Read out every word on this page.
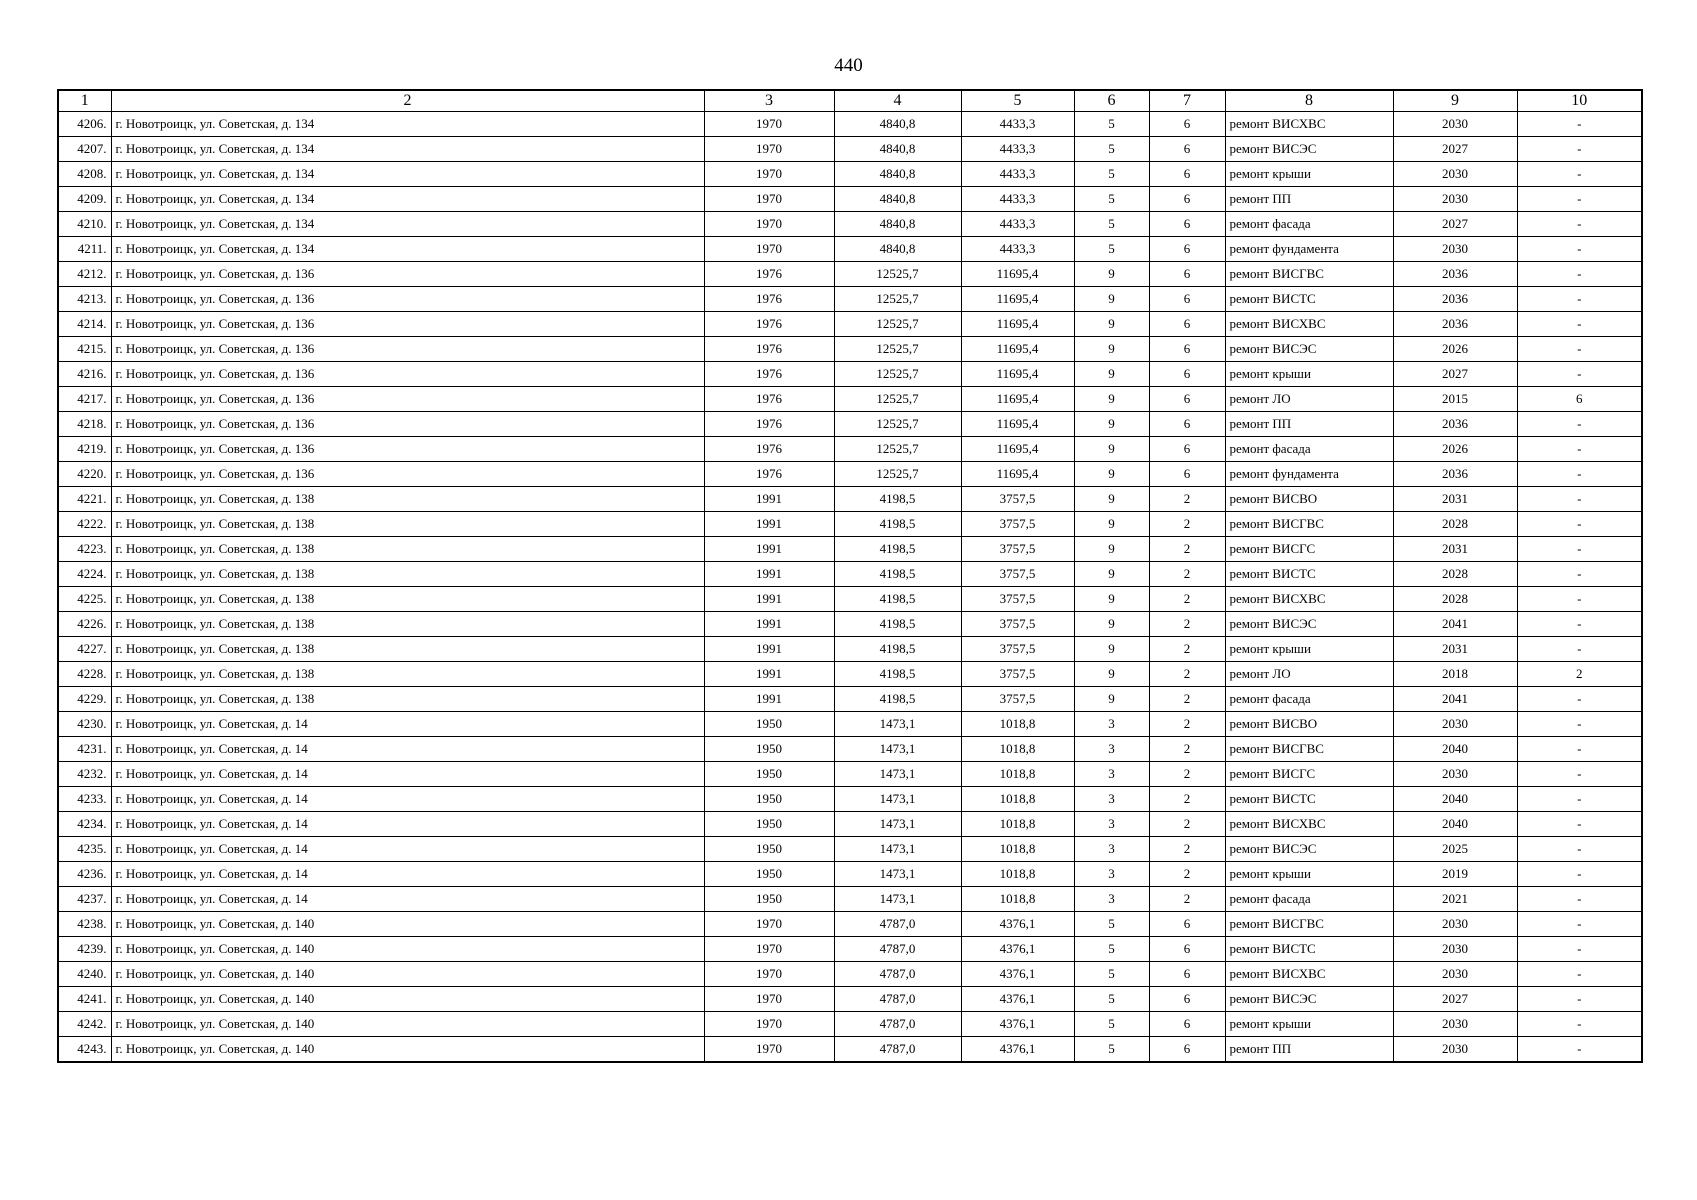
440
1	2	3	4	5	6	7	8	9	10
4206.	г. Новотроицк, ул. Советская, д. 134	1970	4840,8	4433,3	5	6	ремонт ВИСХВС	2030	-
4207.	г. Новотроицк, ул. Советская, д. 134	1970	4840,8	4433,3	5	6	ремонт ВИСЭС	2027	-
4208.	г. Новотроицк, ул. Советская, д. 134	1970	4840,8	4433,3	5	6	ремонт крыши	2030	-
4209.	г. Новотроицк, ул. Советская, д. 134	1970	4840,8	4433,3	5	6	ремонт ПП	2030	-
4210.	г. Новотроицк, ул. Советская, д. 134	1970	4840,8	4433,3	5	6	ремонт фасада	2027	-
4211.	г. Новотроицк, ул. Советская, д. 134	1970	4840,8	4433,3	5	6	ремонт фундамента	2030	-
4212.	г. Новотроицк, ул. Советская, д. 136	1976	12525,7	11695,4	9	6	ремонт ВИСГВС	2036	-
4213.	г. Новотроицк, ул. Советская, д. 136	1976	12525,7	11695,4	9	6	ремонт ВИСТС	2036	-
4214.	г. Новотроицк, ул. Советская, д. 136	1976	12525,7	11695,4	9	6	ремонт ВИСХВС	2036	-
4215.	г. Новотроицк, ул. Советская, д. 136	1976	12525,7	11695,4	9	6	ремонт ВИСЭС	2026	-
4216.	г. Новотроицк, ул. Советская, д. 136	1976	12525,7	11695,4	9	6	ремонт крыши	2027	-
4217.	г. Новотроицк, ул. Советская, д. 136	1976	12525,7	11695,4	9	6	ремонт ЛО	2015	6
4218.	г. Новотроицк, ул. Советская, д. 136	1976	12525,7	11695,4	9	6	ремонт ПП	2036	-
4219.	г. Новотроицк, ул. Советская, д. 136	1976	12525,7	11695,4	9	6	ремонт фасада	2026	-
4220.	г. Новотроицк, ул. Советская, д. 136	1976	12525,7	11695,4	9	6	ремонт фундамента	2036	-
4221.	г. Новотроицк, ул. Советская, д. 138	1991	4198,5	3757,5	9	2	ремонт ВИСВО	2031	-
4222.	г. Новотроицк, ул. Советская, д. 138	1991	4198,5	3757,5	9	2	ремонт ВИСГВС	2028	-
4223.	г. Новотроицк, ул. Советская, д. 138	1991	4198,5	3757,5	9	2	ремонт ВИСГС	2031	-
4224.	г. Новотроицк, ул. Советская, д. 138	1991	4198,5	3757,5	9	2	ремонт ВИСТС	2028	-
4225.	г. Новотроицк, ул. Советская, д. 138	1991	4198,5	3757,5	9	2	ремонт ВИСХВС	2028	-
4226.	г. Новотроицк, ул. Советская, д. 138	1991	4198,5	3757,5	9	2	ремонт ВИСЭС	2041	-
4227.	г. Новотроицк, ул. Советская, д. 138	1991	4198,5	3757,5	9	2	ремонт крыши	2031	-
4228.	г. Новотроицк, ул. Советская, д. 138	1991	4198,5	3757,5	9	2	ремонт ЛО	2018	2
4229.	г. Новотроицк, ул. Советская, д. 138	1991	4198,5	3757,5	9	2	ремонт фасада	2041	-
4230.	г. Новотроицк, ул. Советская, д. 14	1950	1473,1	1018,8	3	2	ремонт ВИСВО	2030	-
4231.	г. Новотроицк, ул. Советская, д. 14	1950	1473,1	1018,8	3	2	ремонт ВИСГВС	2040	-
4232.	г. Новотроицк, ул. Советская, д. 14	1950	1473,1	1018,8	3	2	ремонт ВИСГС	2030	-
4233.	г. Новотроицк, ул. Советская, д. 14	1950	1473,1	1018,8	3	2	ремонт ВИСТС	2040	-
4234.	г. Новотроицк, ул. Советская, д. 14	1950	1473,1	1018,8	3	2	ремонт ВИСХВС	2040	-
4235.	г. Новотроицк, ул. Советская, д. 14	1950	1473,1	1018,8	3	2	ремонт ВИСЭС	2025	-
4236.	г. Новотроицк, ул. Советская, д. 14	1950	1473,1	1018,8	3	2	ремонт крыши	2019	-
4237.	г. Новотроицк, ул. Советская, д. 14	1950	1473,1	1018,8	3	2	ремонт фасада	2021	-
4238.	г. Новотроицк, ул. Советская, д. 140	1970	4787,0	4376,1	5	6	ремонт ВИСГВС	2030	-
4239.	г. Новотроицк, ул. Советская, д. 140	1970	4787,0	4376,1	5	6	ремонт ВИСТС	2030	-
4240.	г. Новотроицк, ул. Советская, д. 140	1970	4787,0	4376,1	5	6	ремонт ВИСХВС	2030	-
4241.	г. Новотроицк, ул. Советская, д. 140	1970	4787,0	4376,1	5	6	ремонт ВИСЭС	2027	-
4242.	г. Новотроицк, ул. Советская, д. 140	1970	4787,0	4376,1	5	6	ремонт крыши	2030	-
4243.	г. Новотроицк, ул. Советская, д. 140	1970	4787,0	4376,1	5	6	ремонт ПП	2030	-
